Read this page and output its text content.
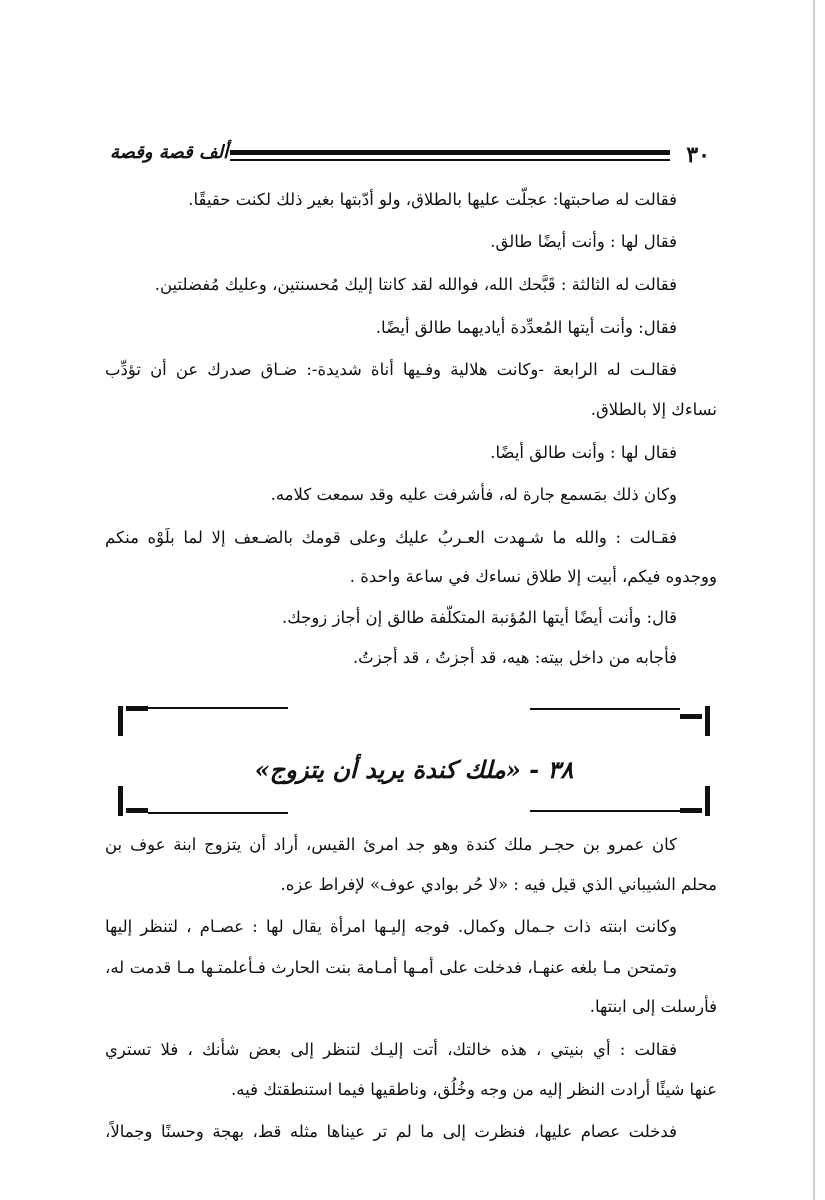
٣٠
ألف قصة وقصة
فقالت له صاحبتها: عجلّت عليها بالطلاق، ولو أدّبتها بغير ذلك لكنت حقيقًا.
فقال لها : وأنت أيضًا طالق.
فقالت له الثالثة : قَبَّحك الله، فوالله لقد كانتا إليك مُحسنتين، وعليك مُفضلتين.
فقال: وأنت أيتها المُعدِّدة أياديهما طالق أيضًا.
فقالـت له الرابعة -وكانت هلالية وفـيها أناة شديدة-: ضـاق صدرك عن أن تؤدِّب
نساءك إلا بالطلاق.
فقال لها : وأنت طالق أيضًا.
وكان ذلك بمَسمع جارة له، فأشرفت عليه وقد سمعت كلامه.
فقـالت : والله ما شـهدت العـربُ عليك وعلى قومك بالضـعف إلا لما بلَوْه منكم
ووجدوه فيكم، أبيت إلا طلاق نساءك في ساعة واحدة .
قال: وأنت أيضًا أيتها المُؤنبة المتكلّفة طالق إن أجاز زوجك.
فأجابه من داخل بيته: هيه، قد أجزتُ ، قد أجزتُ.
٣٨ - «ملك كندة يريد أن يتزوج»
كان عمرو بن حجـر ملك كندة وهو جد امرئ القيس، أراد أن يتزوج ابنة عوف بن
محلم الشيباني الذي قيل فيه : «لا حُر بوادي عوف» لإفراط عزه.
وكانت ابنته ذات جـمال وكمال. فوجه إليـها امرأة يقال لها : عصـام ، لتنظر إليها
وتمتحن مـا بلغه عنهـا، فدخلت على أمـها أمـامة بنت الحارث فـأعلمتـها مـا قدمت له،
فأرسلت إلى ابنتها.
فقالت : أي بنيتي ، هذه خالتك، أتت إليـك لتنظر إلى بعض شأنك ، فلا تستري
عنها شيئًا أرادت النظر إليه من وجه وخُلُق، وناطقيها فيما استنطقتك فيه.
فدخلت عصام عليها، فنظرت إلى ما لم تر عيناها مثله قط، بهجة وحسنًا وجمالاً،
